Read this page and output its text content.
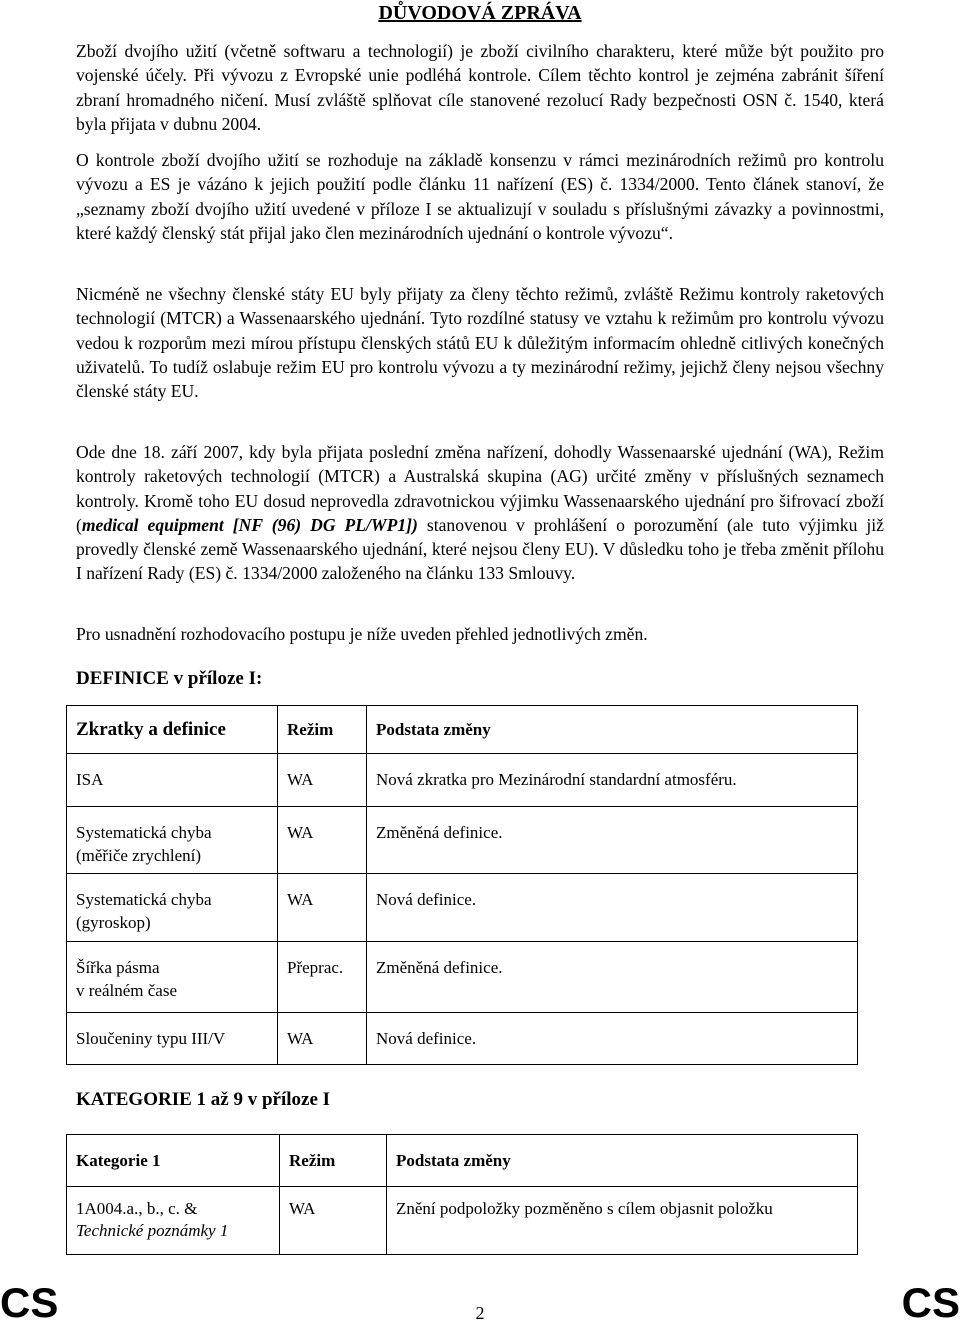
DŮVODOVÁ ZPRÁVA

Zboží dvojího užití (včetně softwaru a technologií) je zboží civilního charakteru, které může být použito pro vojenské účely. Při vývozu z Evropské unie podléhá kontrole. Cílem těchto kontrol je zejména zabránit šíření zbraní hromadného ničení. Musí zvláště splňovat cíle stanovené rezolucí Rady bezpečnosti OSN č. 1540, která byla přijata v dubnu 2004.

O kontrole zboží dvojího užití se rozhoduje na základě konsenzu v rámci mezinárodních režimů pro kontrolu vývozu a ES je vázáno k jejich použití podle článku 11 nařízení (ES) č. 1334/2000. Tento článek stanoví, že „seznamy zboží dvojího užití uvedené v příloze I se aktualizují v souladu s příslušnými závazky a povinnostmi, které každý členský stát přijal jako člen mezinárodních ujednání o kontrole vývozu“.

Nicméně ne všechny členské státy EU byly přijaty za členy těchto režimů, zvláště Režimu kontroly raketových technologií (MTCR) a Wassenaarského ujednání. Tyto rozdílné statusy ve vztahu k režimům pro kontrolu vývozu vedou k rozporům mezi mírou přístupu členských států EU k důležitým informacím ohledně citlivých konečných uživatelů. To tudíž oslabuje režim EU pro kontrolu vývozu a ty mezinárodní režimy, jejichž členy nejsou všechny členské státy EU.

Ode dne 18. září 2007, kdy byla přijata poslední změna nařízení, dohodly Wassenaarské ujednání (WA), Režim kontroly raketových technologií (MTCR) a Australská skupina (AG) určité změny v příslušných seznamech kontroly. Kromě toho EU dosud neprovedla zdravotnickou výjimku Wassenaarského ujednání pro šifrovací zboží (medical equipment [NF (96) DG PL/WP1]) stanovenou v prohlášení o porozumění (ale tuto výjimku již provedly členské země Wassenaarského ujednání, které nejsou členy EU). V důsledku toho je třeba změnit přílohu I nařízení Rady (ES) č. 1334/2000 založeného na článku 133 Smlouvy.

Pro usnadnění rozhodovacího postupu je níže uveden přehled jednotlivých změn.

DEFINICE v příloze I:
Zkratky a definice	Režim	Podstata změny
ISA	WA	Nová zkratka pro Mezinárodní standardní atmosféru.

Systematická chyba
(měřiče zrychlení)	WA	Změněná definice.

Systematická chyba
(gyroskop)	WA	Nová definice.

Šířka pásma
v reálném čase	Přeprac.	Změněná definice.
Sloučeniny typu III/V	WA	Nová definice.
KATEGORIE 1 až 9 v příloze I
Kategorie 1	Režim	Podstata změny

1A004.a., b., c. &
Technické poznámky 1	WA	Znění podpoložky pozměněno s cílem objasnit položku
CS	2	CS
